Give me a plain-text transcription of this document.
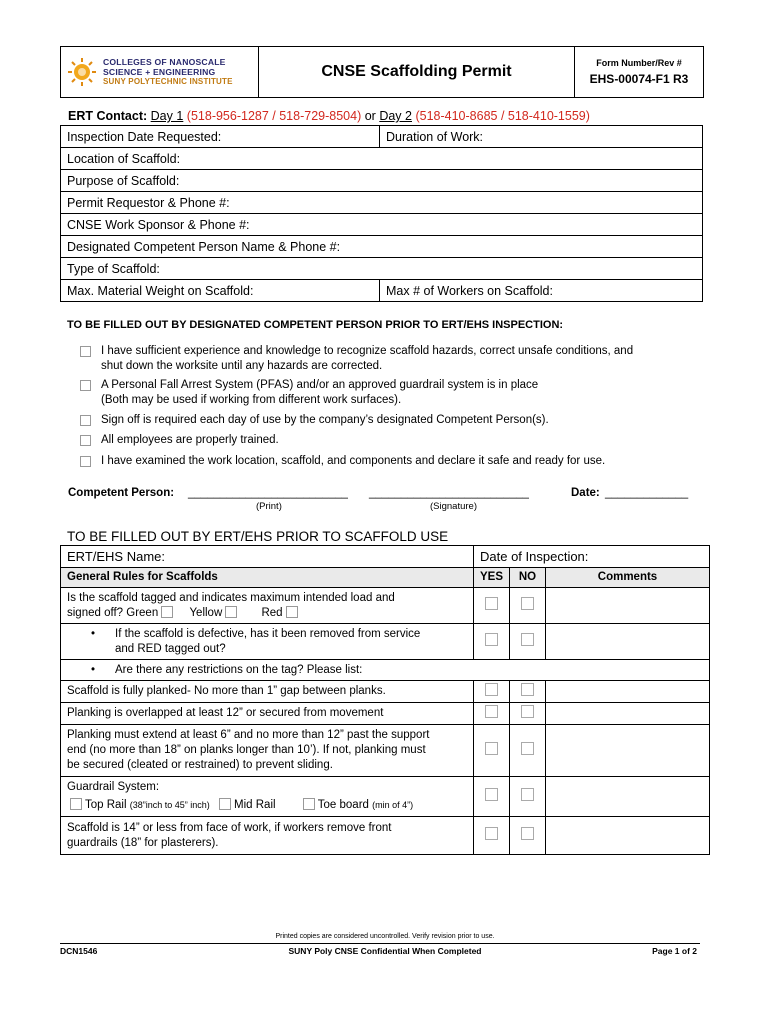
COLLEGES OF NANOSCALE
SCIENCE + ENGINEERING
SUNY POLYTECHNIC INSTITUTE
CNSE Scaffolding Permit	Form Number/Rev #
EHS-00074-F1 R3
ERT Contact: Day 1 (518-956-1287 / 518-729-8504) or Day 2 (518-410-8685 / 518-410-1559)
Inspection Date Requested:	Duration of Work:
Location of Scaffold:	
Purpose of Scaffold:	
Permit Requestor & Phone #:	
CNSE Work Sponsor & Phone #:	
Designated Competent Person Name & Phone #:	
Type of Scaffold:	
Max. Material Weight on Scaffold:	Max # of Workers on Scaffold:
TO BE FILLED OUT BY DESIGNATED COMPETENT PERSON PRIOR TO ERT/EHS INSPECTION:
I have sufficient experience and knowledge to recognize scaffold hazards, correct unsafe conditions, and
shut down the worksite until any hazards are corrected.
A Personal Fall Arrest System (PFAS) and/or an approved guardrail system is in place
(Both may be used if working from different work surfaces).
Sign off is required each day of use by the company’s designated Competent Person(s).
All employees are properly trained.
I have examined the work location, scaffold, and components and declare it safe and ready for use.
Competent Person: _________________________ _________________________	Date: _____________
(Print)	(Signature)
TO BE FILLED OUT BY ERT/EHS PRIOR TO SCAFFOLD USE
ERT/EHS Name:	Date of Inspection:		
General Rules for Scaffolds	YES	NO	Comments

Is the scaffold tagged and indicates maximum intended load and
signed off? Green Yellow Red			

• If the scaffold is defective, has it been removed from service
and RED tagged out?			

• Are there any restrictions on the tag? Please list:			

Scaffold is fully planked- No more than 1” gap between planks.			
Planking is overlapped at least 12” or secured from movement			

Planking must extend at least 6” and no more than 12” past the support
end (no more than 18” on planks longer than 10’). If not, planking must
be secured (cleated or restrained) to prevent sliding.			

Guardrail System:
Top Rail (38”inch to 45” inch) Mid Rail Toe board (min of 4”)			

Scaffold is 14” or less from face of work, if workers remove front
guardrails (18” for plasterers).			

Printed copies are considered uncontrolled. Verify revision prior to use.
DCN1546	SUNY Poly CNSE Confidential When Completed	Page 1 of 2
